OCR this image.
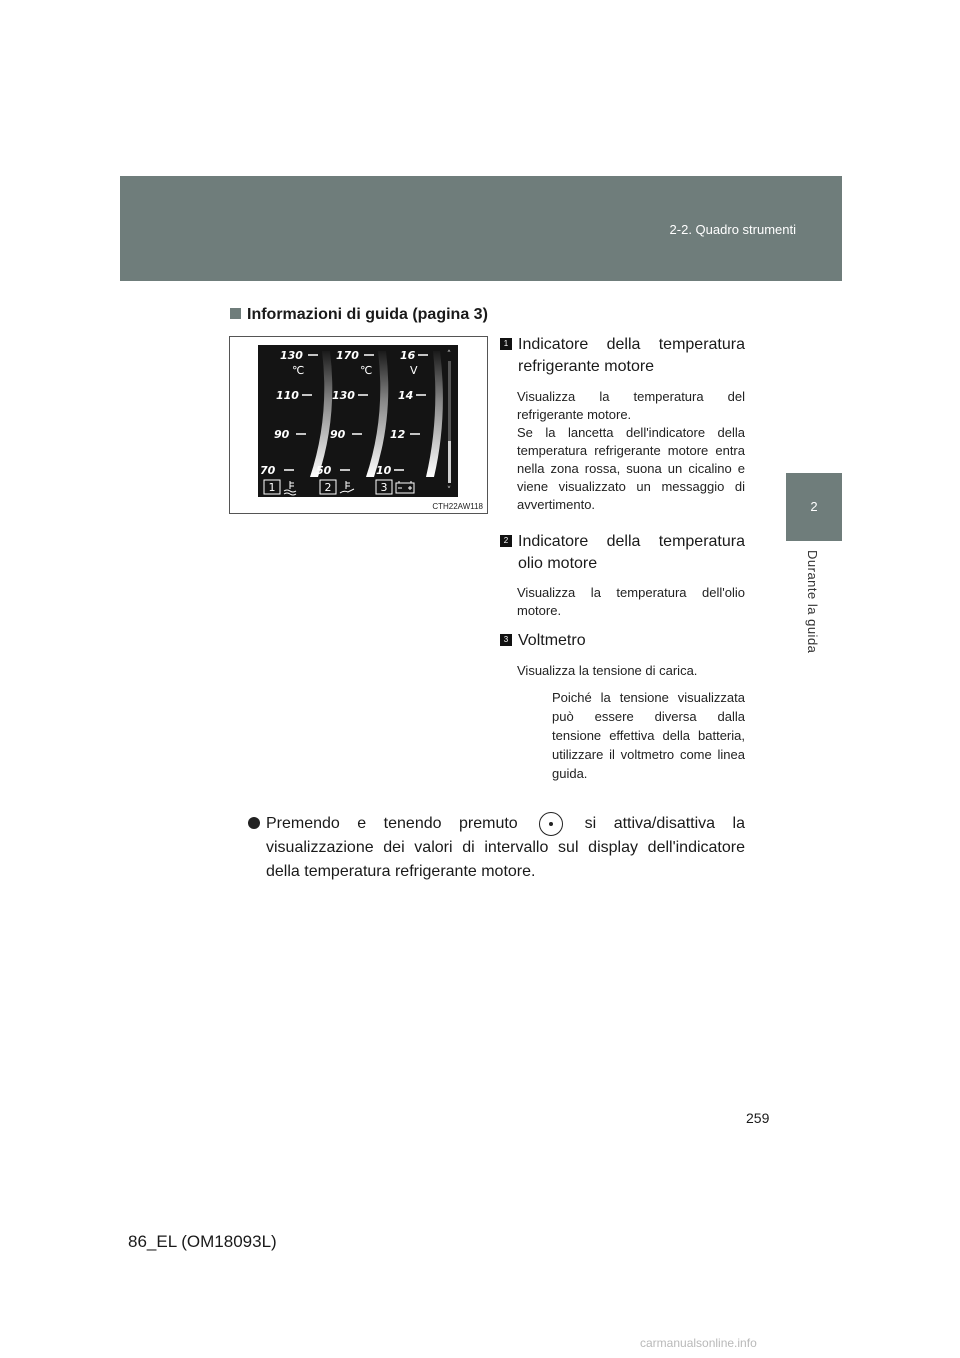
2-2. Quadro strumenti
2
Durante la guida
Informazioni di guida (pagina 3)
˄
˅
130
℃
110
90
70
170
℃
130
90
50
16
V
14
12
10
1	2	3
CTH22AW118
1 Indicatore della temperatura refrigerante motore
Visualizza la temperatura del refrigerante motore.
Se la lancetta dell'indicatore della temperatura refrigerante motore entra nella zona rossa, suona un cicalino e viene visualizzato un messaggio di avvertimento.
2 Indicatore della temperatura olio motore
Visualizza la temperatura dell'olio motore.
3 Voltmetro
Visualizza la tensione di carica.
Poiché la tensione visualizzata può essere diversa dalla tensione effettiva della batteria, utilizzare il voltmetro come linea guida.
Premendo e tenendo premuto	si attiva/disattiva la visualizzazione dei valori di intervallo sul display dell'indicatore della temperatura refrigerante motore.
259
86_EL (OM18093L)
carmanualsonline.info
